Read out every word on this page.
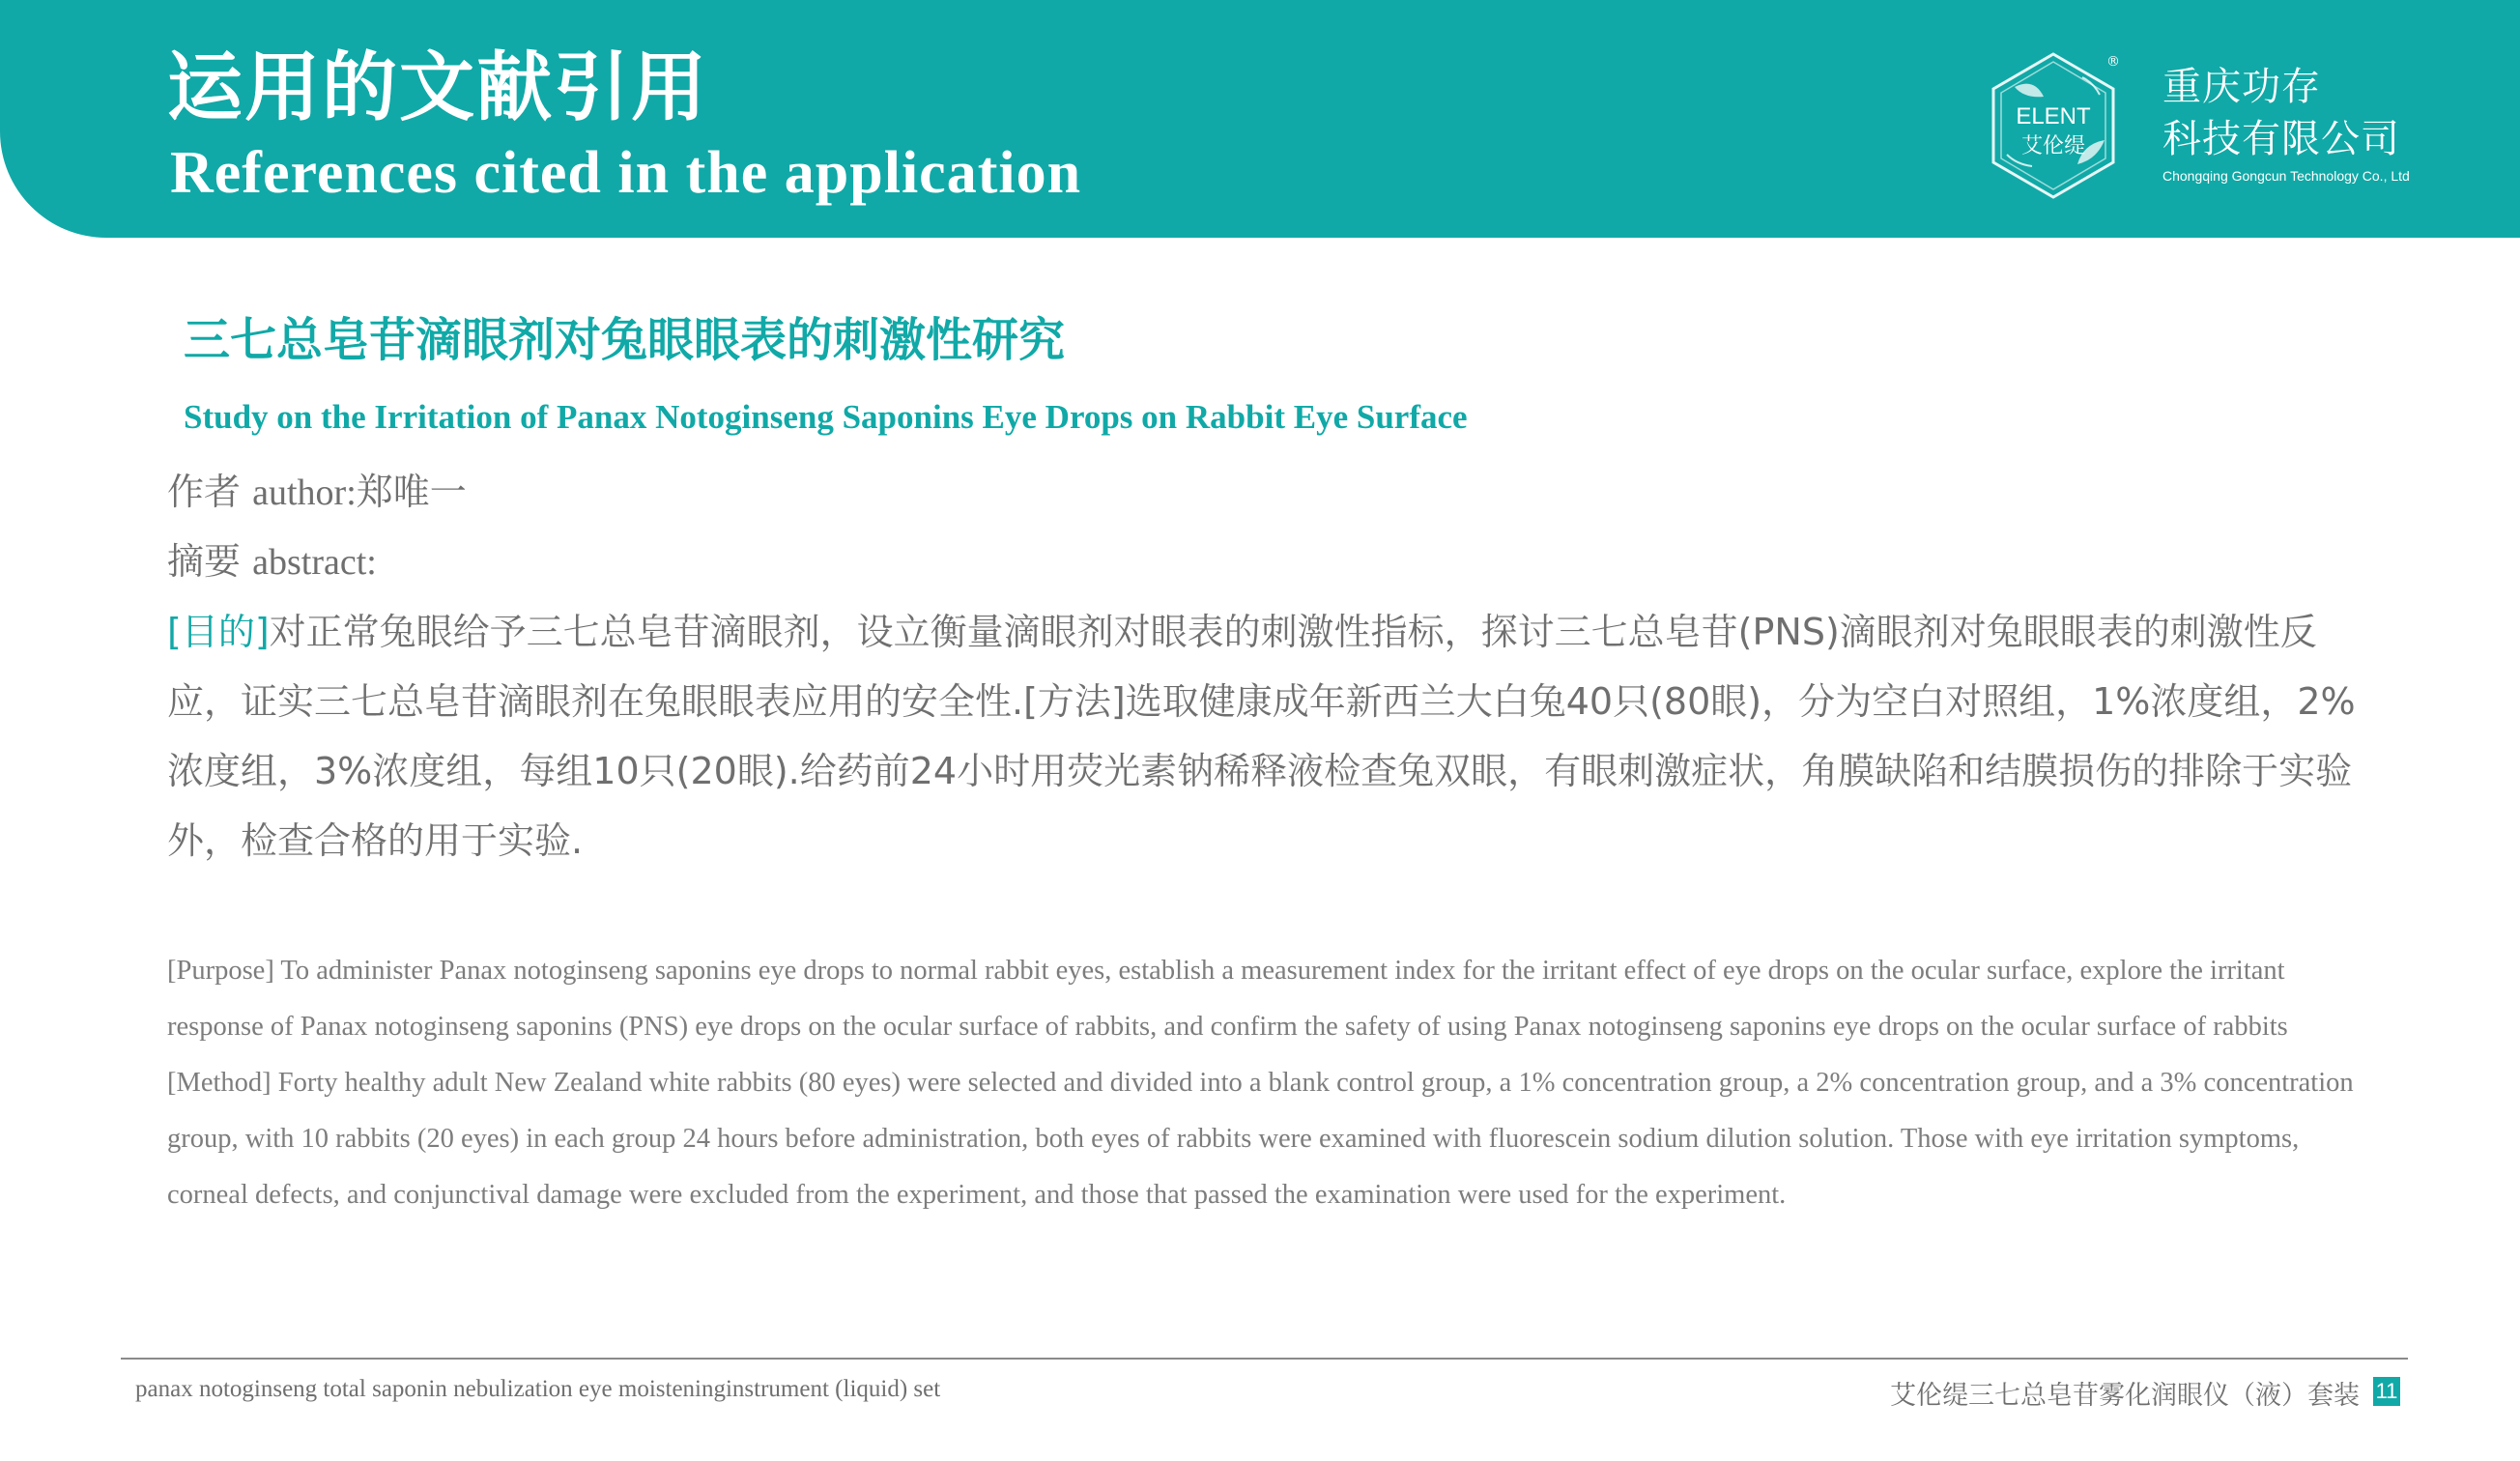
运用的文献引用
References cited in the application
ELENT
艾伦缇
®
重庆功存
科技有限公司
Chongqing Gongcun Technology Co., Ltd
三七总皂苷滴眼剂对兔眼眼表的刺激性研究
Study on the Irritation of Panax Notoginseng Saponins Eye Drops on Rabbit Eye Surface
作者 author:郑唯一
摘要 abstract:

[目的]对正常兔眼给予三七总皂苷滴眼剂，设立衡量滴眼剂对眼表的刺激性指标，探讨三七总皂苷(PNS)滴眼剂对兔眼眼表的刺激性反应，证实三七总皂苷滴眼剂在兔眼眼表应用的安全性.[方法]选取健康成年新西兰大白兔40只(80眼)，分为空白对照组，1%浓度组，2%浓度组，3%浓度组，每组10只(20眼).给药前24小时用荧光素钠稀释液检查兔双眼，有眼刺激症状，角膜缺陷和结膜损伤的排除于实验外，检查合格的用于实验.

[Purpose] To administer Panax notoginseng saponins eye drops to normal rabbit eyes, establish a measurement index for the irritant effect of eye drops on the ocular surface, explore the irritant response of Panax notoginseng saponins (PNS) eye drops on the ocular surface of rabbits, and confirm the safety of using Panax notoginseng saponins eye drops on the ocular surface of rabbits [Method] Forty healthy adult New Zealand white rabbits (80 eyes) were selected and divided into a blank control group, a 1% concentration group, a 2% concentration group, and a 3% concentration group, with 10 rabbits (20 eyes) in each group 24 hours before administration, both eyes of rabbits were examined with fluorescein sodium dilution solution. Those with eye irritation symptoms, corneal defects, and conjunctival damage were excluded from the experiment, and those that passed the examination were used for the experiment.

panax notoginseng total saponin nebulization eye moisteninginstrument (liquid) set	艾伦缇三七总皂苷雾化润眼仪（液）套装 11
